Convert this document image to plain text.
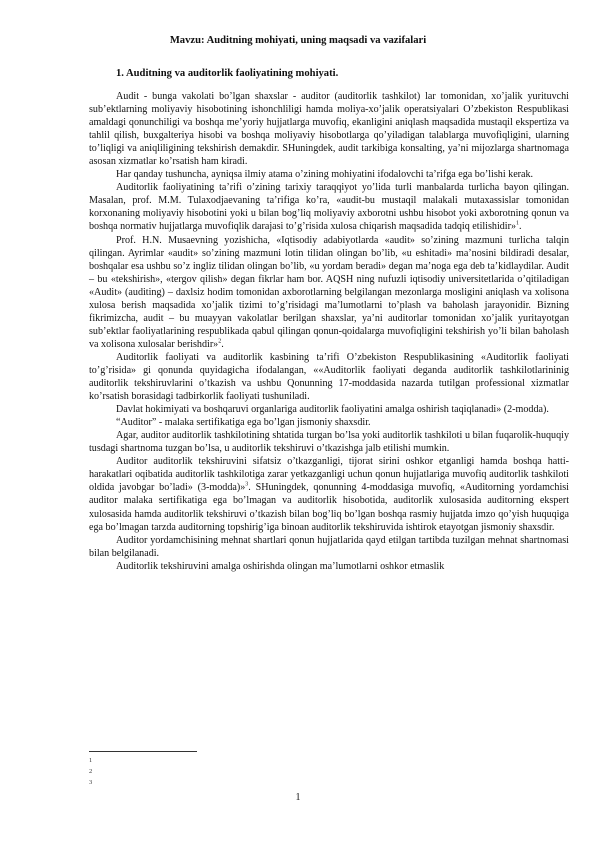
Mavzu: Auditning mohiyati, uning maqsadi va vazifalari
1. Auditning va auditorlik faoliyatining mohiyati.

Audit - bunga vakolati bo’lgan shaxslar - auditor (auditorlik tashkilot) lar tomonidan, xo’jalik yurituvchi sub’ektlarning moliyaviy hisobotining ishonchliligi hamda moliya-xo’jalik operatsiyalari O’zbekiston Respublikasi amaldagi qonunchiligi va boshqa me’yoriy hujjatlarga muvofiq, ekanligini aniqlash maqsadida mustaqil ekspertiza va tahlil qilish, buxgalteriya hisobi va boshqa moliyaviy hisobotlarga qo’yiladigan talablarga muvofiqligini, ularning to’liqligi va aniqliligining tekshirish demakdir. SHuningdek, audit tarkibiga konsalting, ya’ni mijozlarga shartnomaga asosan xizmatlar ko’rsatish ham kiradi.

Har qanday tushuncha, ayniqsa ilmiy atama o’zining mohiyatini ifodalovchi ta’rifga ega bo’lishi kerak.

Auditorlik faoliyatining ta’rifi o’zining tarixiy taraqqiyot yo’lida turli manbalarda turlicha bayon qilingan. Masalan, prof. M.M. Tulaxodjaevaning ta’rifiga ko’ra, «audit-bu mustaqil malakali mutaxassislar tomonidan korxonaning moliyaviy hisobotini yoki u bilan bog’liq moliyaviy axborotni ushbu hisobot yoki axborotning qonun va boshqa normativ hujjatlarga muvofiqlik darajasi to’g’risida xulosa chiqarish maqsadida tadqiq etilishidir»$^1$.

Prof. H.N. Musaevning yozishicha, «Iqtisodiy adabiyotlarda «audit» so’zining mazmuni turlicha talqin qilingan. Ayrimlar «audit» so’zining mazmuni lotin tilidan olingan bo’lib, «u eshitadi» ma’nosini bildiradi desalar, boshqalar esa ushbu so’z ingliz tilidan olingan bo’lib, «u yordam beradi» degan ma’noga ega deb ta’kidlaydilar. Audit – bu «tekshirish», «tergov qilish» degan fikrlar ham bor. AQSH ning nufuzli iqtisodiy universitetlarida o’qitiladigan «Audit» (auditing) – daxlsiz hodim tomonidan axborotlarning belgilangan mezonlarga mosligini aniqlash va xolisona xulosa berish maqsadida xo’jalik tizimi to’g’risidagi ma’lumotlarni to’plash va baholash jarayonidir. Bizning fikrimizcha, audit – bu muayyan vakolatlar berilgan shaxslar, ya’ni auditorlar tomonidan xo’jalik yuritayotgan sub’ektlar faoliyatlarining respublikada qabul qilingan qonun-qoidalarga muvofiqligini tekshirish yo’li bilan baholash va xolisona xulosalar berishdir»$^2$.

Auditorlik faoliyati va auditorlik kasbining ta’rifi O’zbekiston Respublikasining «Auditorlik faoliyati to’g’risida» gi qonunda quyidagicha ifodalangan, ««Auditorlik faoliyati deganda auditorlik tashkilotlarininig auditorlik tekshiruvlarini o’tkazish va ushbu Qonunning 17-moddasida nazarda tutilgan professional xizmatlar ko’rsatish borasidagi tadbirkorlik faoliyati tushuniladi.

Davlat hokimiyati va boshqaruvi organlariga auditorlik faoliyatini amalga oshirish taqiqlanadi» (2-modda).

“Auditor” - malaka sertifikatiga ega bo’lgan jismoniy shaxsdir.

Agar, auditor auditorlik tashkilotining shtatida turgan bo’lsa yoki auditorlik tashkiloti u bilan fuqarolik-huquqiy tusdagi shartnoma tuzgan bo’lsa, u auditorlik tekshiruvi o’tkazishga jalb etilishi mumkin.

Auditor auditorlik tekshiruvini sifatsiz o’tkazganligi, tijorat sirini oshkor etganligi hamda boshqa hatti-harakatlari oqibatida auditorlik tashkilotiga zarar yetkazganligi uchun qonun hujjatlariga muvofiq auditorlik tashkiloti oldida javobgar bo’ladi» (3-modda)»$^3$. SHuningdek, qonunning 4-moddasiga muvofiq, «Auditorning yordamchisi auditor malaka sertifikatiga ega bo’lmagan va auditorlik hisobotida, auditorlik xulosasida auditorning ekspert xulosasida hamda auditorlik tekshiruvi o’tkazish bilan bog’liq bo’lgan boshqa rasmiy hujjatda imzo qo’yish huquqiga ega bo’lmagan tarzda auditorning topshirig’iga binoan auditorlik tekshiruvida ishtirok etayotgan jismoniy shaxsdir.

Auditor yordamchisining mehnat shartlari qonun hujjatlarida qayd etilgan tartibda tuzilgan mehnat shartnomasi bilan belgilanadi.

Auditorlik tekshiruvini amalga oshirishda olingan ma’lumotlarni oshkor etmaslik

1
2
3
1
